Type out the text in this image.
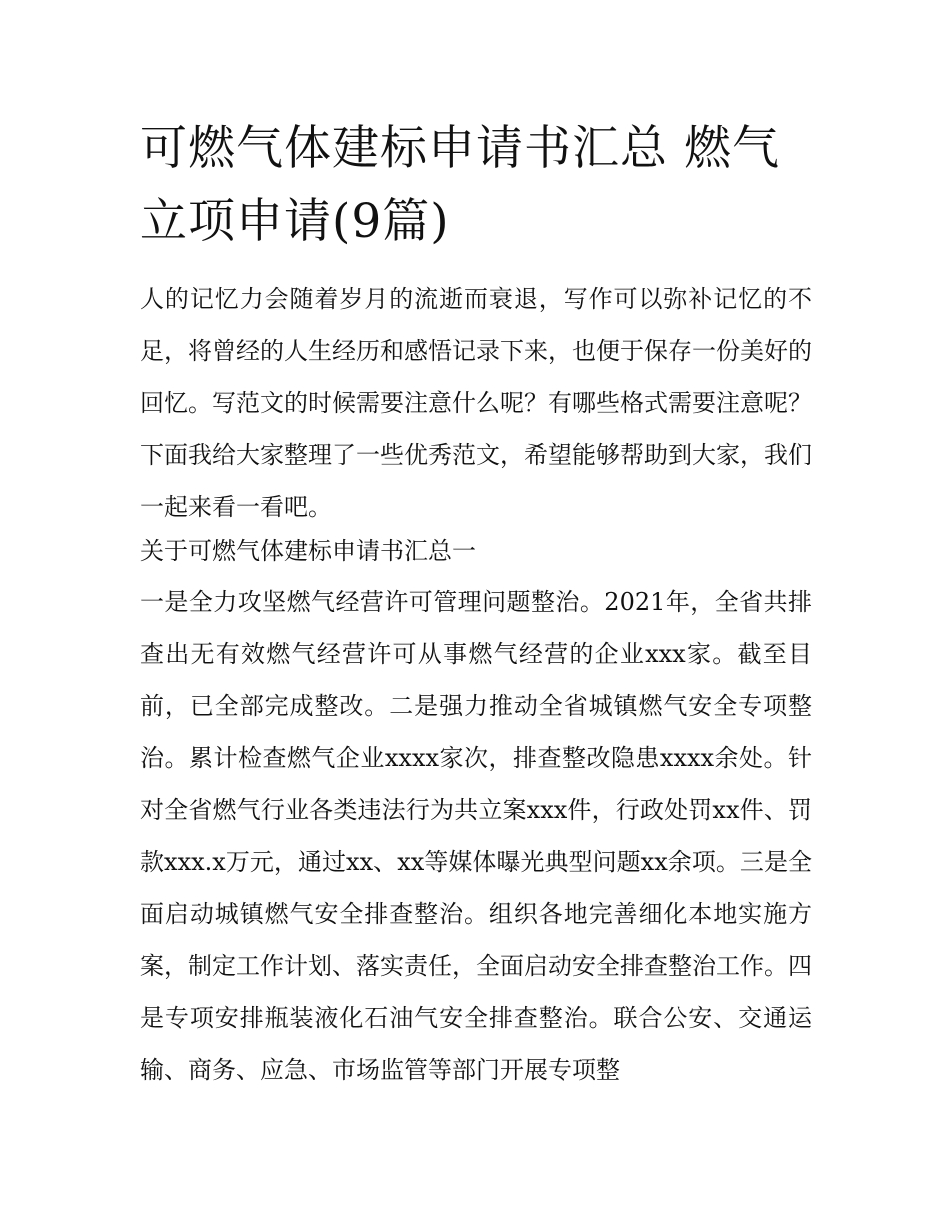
可燃气体建标申请书汇总 燃气立项申请(9篇)

人的记忆力会随着岁月的流逝而衰退，写作可以弥补记忆的不足，将曾经的人生经历和感悟记录下来，也便于保存一份美好的回忆。写范文的时候需要注意什么呢？有哪些格式需要注意呢？下面我给大家整理了一些优秀范文，希望能够帮助到大家，我们一起来看一看吧。

关于可燃气体建标申请书汇总一

一是全力攻坚燃气经营许可管理问题整治。2021年，全省共排查出无有效燃气经营许可从事燃气经营的企业xxx家。截至目前，已全部完成整改。二是强力推动全省城镇燃气安全专项整治。累计检查燃气企业xxxx家次，排查整改隐患xxxx余处。针对全省燃气行业各类违法行为共立案xxx件，行政处罚xx件、罚款xxx.x万元，通过xx、xx等媒体曝光典型问题xx余项。三是全面启动城镇燃气安全排查整治。组织各地完善细化本地实施方案，制定工作计划、落实责任，全面启动安全排查整治工作。四是专项安排瓶装液化石油气安全排查整治。联合公安、交通运输、商务、应急、市场监管等部门开展专项整
